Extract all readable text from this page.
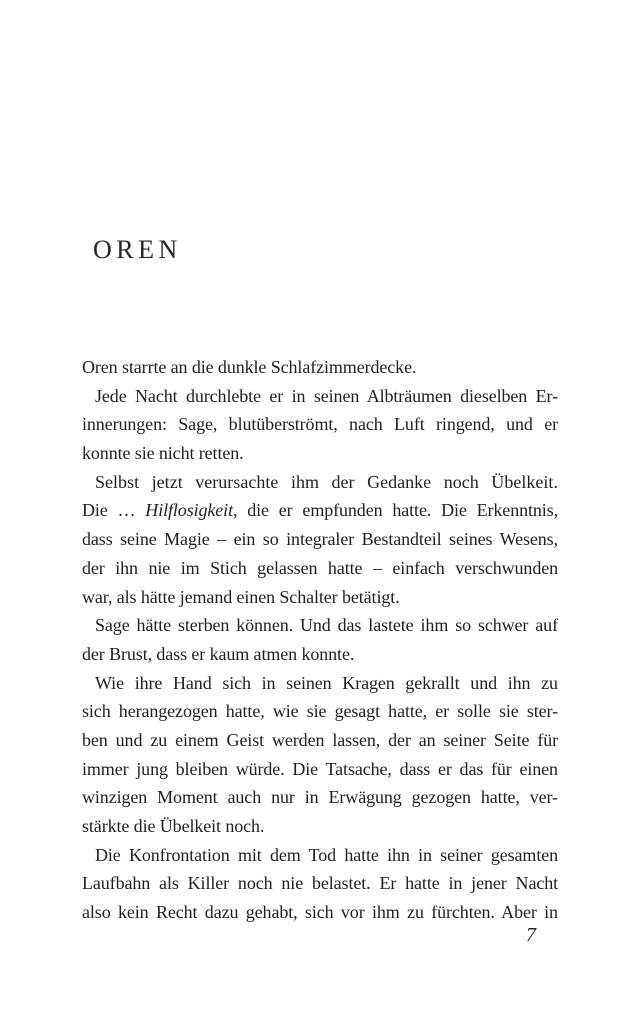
OREN
Oren starrte an die dunkle Schlafzimmerdecke.
Jede Nacht durchlebte er in seinen Albträumen dieselben Er-
innerungen: Sage, blutüberströmt, nach Luft ringend, und er
konnte sie nicht retten.
Selbst jetzt verursachte ihm der Gedanke noch Übelkeit.
Die … Hilflosigkeit, die er empfunden hatte. Die Erkenntnis,
dass seine Magie – ein so integraler Bestandteil seines Wesens,
der ihn nie im Stich gelassen hatte – einfach verschwunden
war, als hätte jemand einen Schalter betätigt.
Sage hätte sterben können. Und das lastete ihm so schwer auf
der Brust, dass er kaum atmen konnte.
Wie ihre Hand sich in seinen Kragen gekrallt und ihn zu
sich herangezogen hatte, wie sie gesagt hatte, er solle sie ster-
ben und zu einem Geist werden lassen, der an seiner Seite für
immer jung bleiben würde. Die Tatsache, dass er das für einen
winzigen Moment auch nur in Erwägung gezogen hatte, ver-
stärkte die Übelkeit noch.
Die Konfrontation mit dem Tod hatte ihn in seiner gesamten
Laufbahn als Killer noch nie belastet. Er hatte in jener Nacht
also kein Recht dazu gehabt, sich vor ihm zu fürchten. Aber in
7
